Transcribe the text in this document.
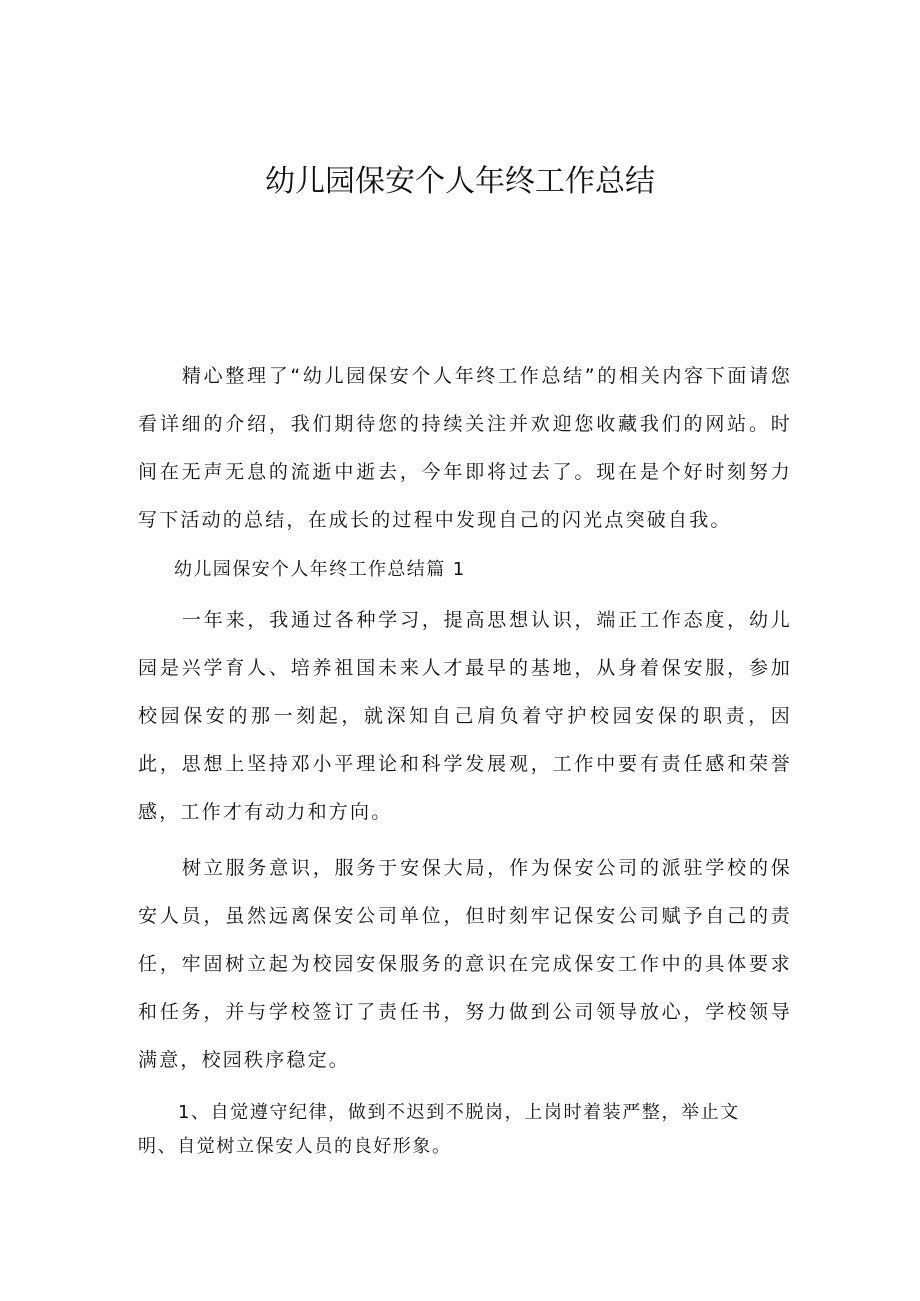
幼儿园保安个人年终工作总结

精心整理了“幼儿园保安个人年终工作总结”的相关内容下面请您看详细的介绍，我们期待您的持续关注并欢迎您收藏我们的网站。时间在无声无息的流逝中逝去，今年即将过去了。现在是个好时刻努力写下活动的总结，在成长的过程中发现自己的闪光点突破自我。

幼儿园保安个人年终工作总结篇 1

一年来，我通过各种学习，提高思想认识，端正工作态度，幼儿园是兴学育人、培养祖国未来人才最早的基地，从身着保安服，参加校园保安的那一刻起，就深知自己肩负着守护校园安保的职责，因此，思想上坚持邓小平理论和科学发展观，工作中要有责任感和荣誉感，工作才有动力和方向。

树立服务意识，服务于安保大局，作为保安公司的派驻学校的保安人员，虽然远离保安公司单位，但时刻牢记保安公司赋予自己的责任，牢固树立起为校园安保服务的意识在完成保安工作中的具体要求和任务，并与学校签订了责任书，努力做到公司领导放心，学校领导满意，校园秩序稳定。

1、自觉遵守纪律，做到不迟到不脱岗，上岗时着装严整，举止文明、自觉树立保安人员的良好形象。
